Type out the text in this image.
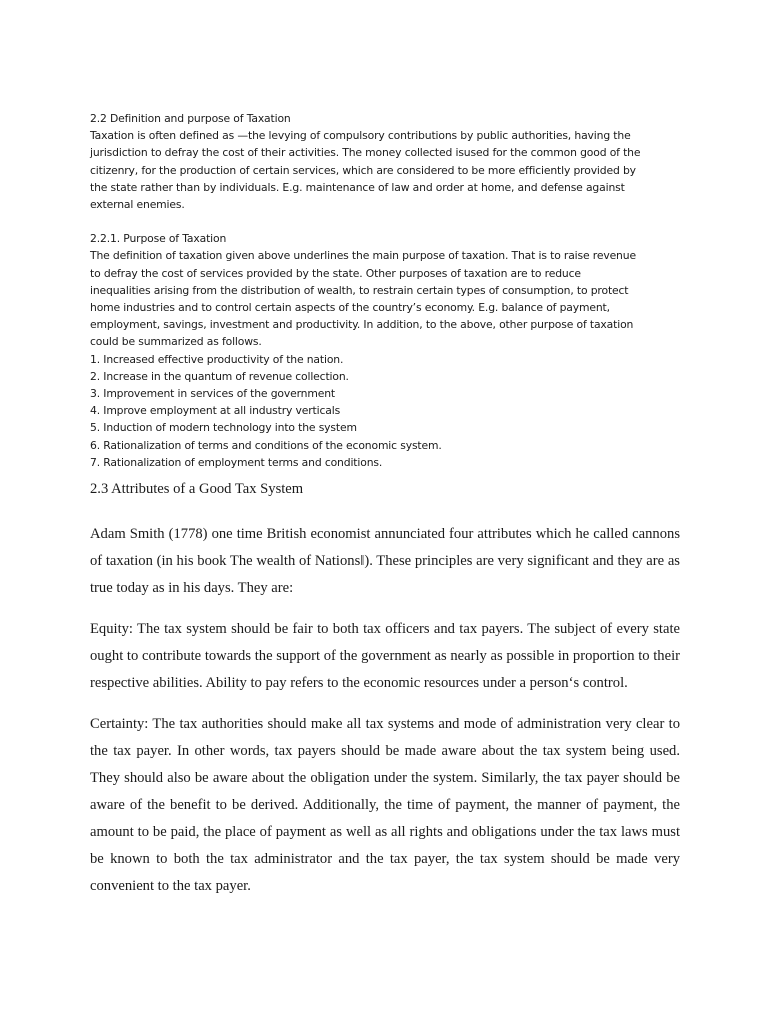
2.2 Definition and purpose of Taxation
Taxation is often defined as —the levying of compulsory contributions by public authorities, having the
jurisdiction to defray the cost of their activities. The money collected isused for the common good of the
citizenry, for the production of certain services, which are considered to be more efficiently provided by
the state rather than by individuals. E.g. maintenance of law and order at home, and defense against
external enemies.
2.2.1. Purpose of Taxation
The definition of taxation given above underlines the main purpose of taxation. That is to raise revenue
to defray the cost of services provided by the state. Other purposes of taxation are to reduce
inequalities arising from the distribution of wealth, to restrain certain types of consumption, to protect
home industries and to control certain aspects of the country’s economy. E.g. balance of payment,
employment, savings, investment and productivity. In addition, to the above, other purpose of taxation
could be summarized as follows.
1. Increased effective productivity of the nation.
2. Increase in the quantum of revenue collection.
3. Improvement in services of the government
4. Improve employment at all industry verticals
5. Induction of modern technology into the system
6. Rationalization of terms and conditions of the economic system.
7. Rationalization of employment terms and conditions.
2.3 Attributes of a Good Tax System

Adam Smith (1778) one time British economist annunciated four attributes which he called cannons of taxation (in his book The wealth of Nations‖). These principles are very significant and they are as true today as in his days. They are:

Equity: The tax system should be fair to both tax officers and tax payers. The subject of every state ought to contribute towards the support of the government as nearly as possible in proportion to their respective abilities. Ability to pay refers to the economic resources under a person‘s control.

Certainty: The tax authorities should make all tax systems and mode of administration very clear to the tax payer. In other words, tax payers should be made aware about the tax system being used. They should also be aware about the obligation under the system. Similarly, the tax payer should be aware of the benefit to be derived. Additionally, the time of payment, the manner of payment, the amount to be paid, the place of payment as well as all rights and obligations under the tax laws must be known to both the tax administrator and the tax payer, the tax system should be made very convenient to the tax payer.
